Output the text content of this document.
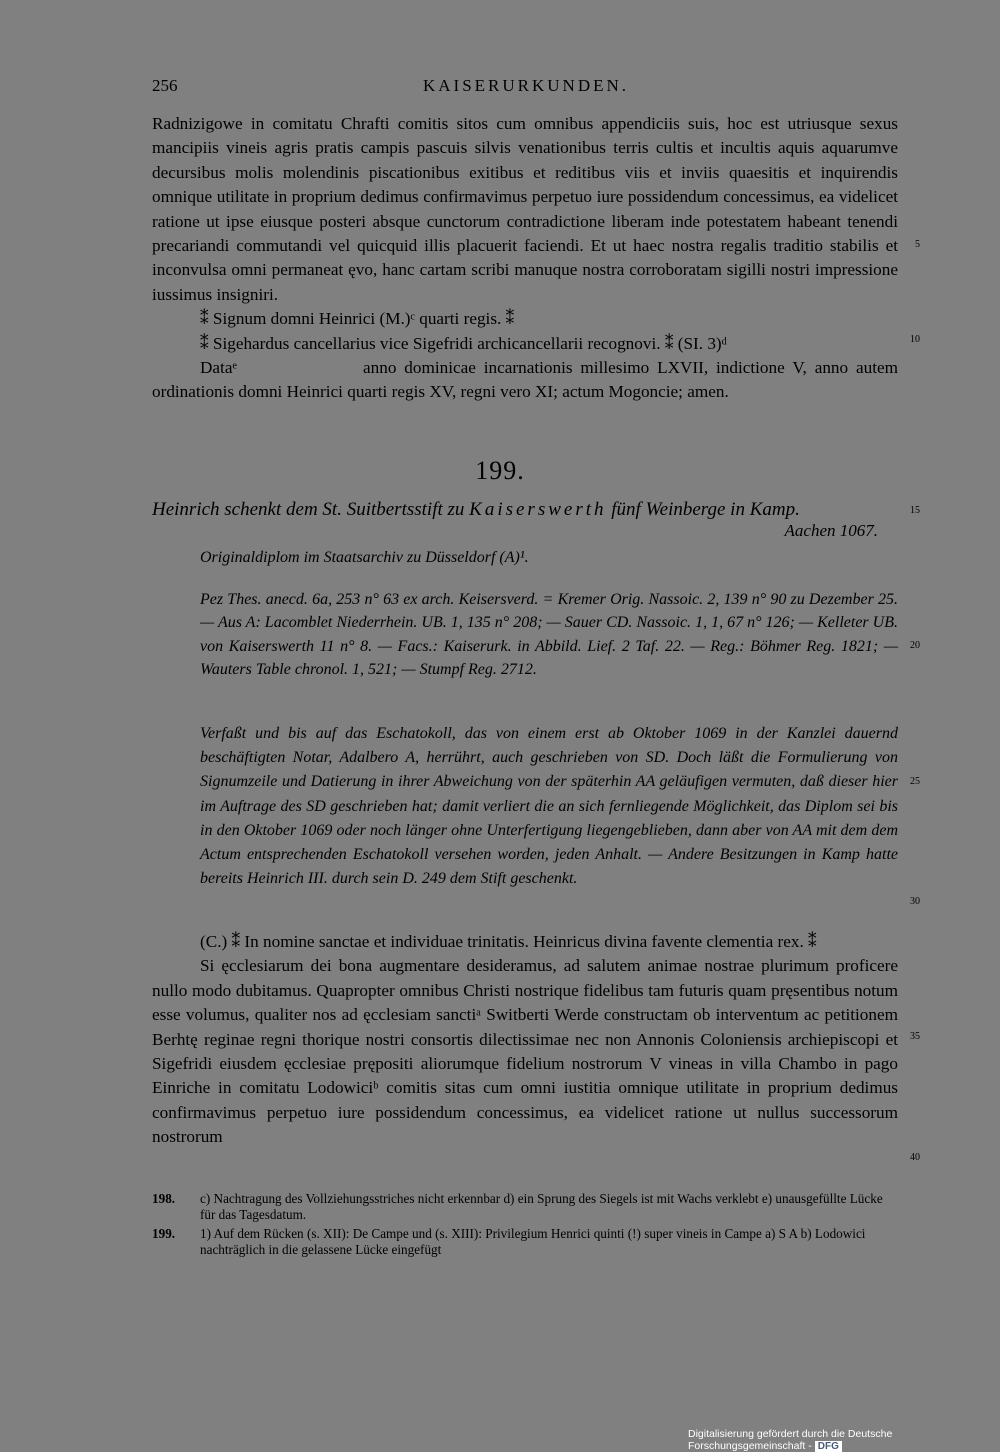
256	KAISERURKUNDEN.

Radnizigowe in comitatu Chrafti comitis sitos cum omnibus appendiciis suis, hoc est utriusque sexus mancipiis vineis agris pratis campis pascuis silvis venationibus terris cultis et incultis aquis aquarumve decursibus molis molendinis piscationibus exitibus et reditibus viis et inviis quaesitis et inquirendis omnique utilitate in proprium dedimus confirmavimus perpetuo iure possidendum concessimus, ea videlicet ratione ut ipse eiusque posteri absque cunctorum contradictione liberam inde potestatem habeant tenendi precariandi commutandi vel quicquid illis placuerit faciendi. Et ut haec nostra regalis traditio stabilis et inconvulsa omni permaneat ęvo, hanc cartam scribi manuque nostra corroboratam sigilli nostri impressione iussimus insigniri.

⁑ Signum domni Heinrici (M.)ᶜ quarti regis. ⁑

⁑ Sigehardus cancellarius vice Sigefridi archicancellarii recognovi. ⁑ (SI. 3)ᵈ

Dataᵉ                anno dominicae incarnationis millesimo LXVII, indictione V, anno autem ordinationis domni Heinrici quarti regis XV, regni vero XI; actum Mogoncie; amen.

199.
Heinrich schenkt dem St. Suitbertsstift zu Kaiserswerth fünf Weinberge in Kamp.
Aachen 1067.
Originaldiplom im Staatsarchiv zu Düsseldorf (A)¹.
Pez Thes. anecd. 6a, 253 n° 63 ex arch. Keisersverd. = Kremer Orig. Nassoic. 2, 139 n° 90 zu Dezember 25. — Aus A: Lacomblet Niederrhein. UB. 1, 135 n° 208; — Sauer CD. Nassoic. 1, 1, 67 n° 126; — Kelleter UB. von Kaiserswerth 11 n° 8. — Facs.: Kaiserurk. in Abbild. Lief. 2 Taf. 22. — Reg.: Böhmer Reg. 1821; — Wauters Table chronol. 1, 521; — Stumpf Reg. 2712.
Verfaßt und bis auf das Eschatokoll, das von einem erst ab Oktober 1069 in der Kanzlei dauernd beschäftigten Notar, Adalbero A, herrührt, auch geschrieben von SD. Doch läßt die Formulierung von Signumzeile und Datierung in ihrer Abweichung von der späterhin AA geläufigen vermuten, daß dieser hier im Auftrage des SD geschrieben hat; damit verliert die an sich fernliegende Möglichkeit, das Diplom sei bis in den Oktober 1069 oder noch länger ohne Unterfertigung liegengeblieben, dann aber von AA mit dem dem Actum entsprechenden Eschatokoll versehen worden, jeden Anhalt. — Andere Besitzungen in Kamp hatte bereits Heinrich III. durch sein D. 249 dem Stift geschenkt.

(C.) ⁑ In nomine sanctae et individuae trinitatis. Heinricus divina favente clementia rex. ⁑

Si ęcclesiarum dei bona augmentare desideramus, ad salutem animae nostrae plurimum proficere nullo modo dubitamus. Quapropter omnibus Christi nostrique fidelibus tam futuris quam pręsentibus notum esse volumus, qualiter nos ad ęcclesiam sanctiᵃ Switberti Werde constructam ob interventum ac petitionem Berhtę reginae regni thorique nostri consortis dilectissimae nec non Annonis Coloniensis archiepiscopi et Sigefridi eiusdem ęcclesiae prępositi aliorumque fidelium nostrorum V vineas in villa Chambo in pago Einriche in comitatu Lodowiciᵇ comitis sitas cum omni iustitia omnique utilitate in proprium dedimus confirmavimus perpetuo iure possidendum concessimus, ea videlicet ratione ut nullus successorum nostrorum

5
10
15
20
25
30
35
40
198. c) Nachtragung des Vollziehungsstriches nicht erkennbar d) ein Sprung des Siegels ist mit Wachs verklebt e) unausgefüllte Lücke für das Tagesdatum.
199. 1) Auf dem Rücken (s. XII): De Campe und (s. XIII): Privilegium Henrici quinti (!) super vineis in Campe a) S A b) Lodowici nachträglich in die gelassene Lücke eingefügt
Digitalisierung gefördert durch die Deutsche Forschungsgemeinschaft - DFG
